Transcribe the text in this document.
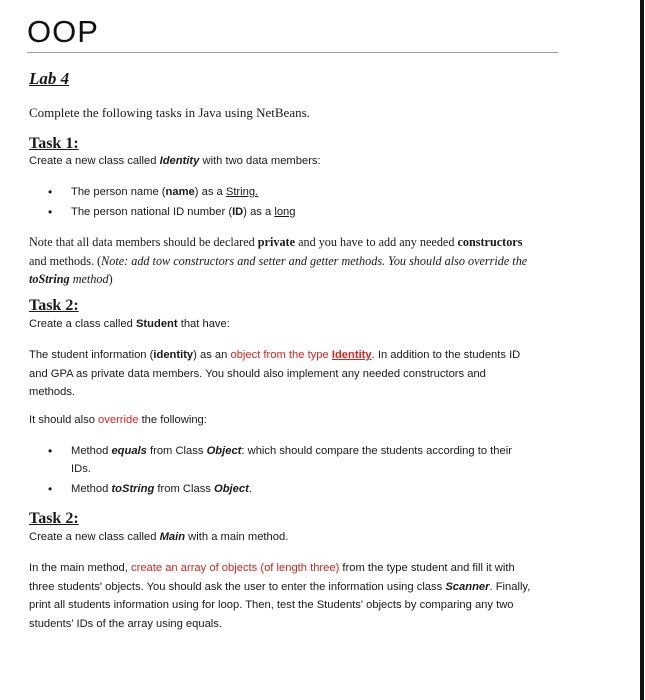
OOP
Lab 4
Complete the following tasks in Java using NetBeans.
Task 1:
Create a new class called Identity with two data members:
• The person name (name) as a String.
• The person national ID number (ID) as a long
Note that all data members should be declared private and you have to add any needed constructors
and methods. (Note: add tow constructors and setter and getter methods. You should also override the
toString method)
Task 2:
Create a class called Student that have:
The student information (identity) as an object from the type Identity. In addition to the students ID
and GPA as private data members. You should also implement any needed constructors and
methods.
It should also override the following:
• Method equals from Class Object: which should compare the students according to their
IDs.
• Method toString from Class Object.
Task 2:
Create a new class called Main with a main method.
In the main method, create an array of objects (of length three) from the type student and fill it with
three students' objects. You should ask the user to enter the information using class Scanner. Finally,
print all students information using for loop. Then, test the Students' objects by comparing any two
students’ IDs of the array using equals.
